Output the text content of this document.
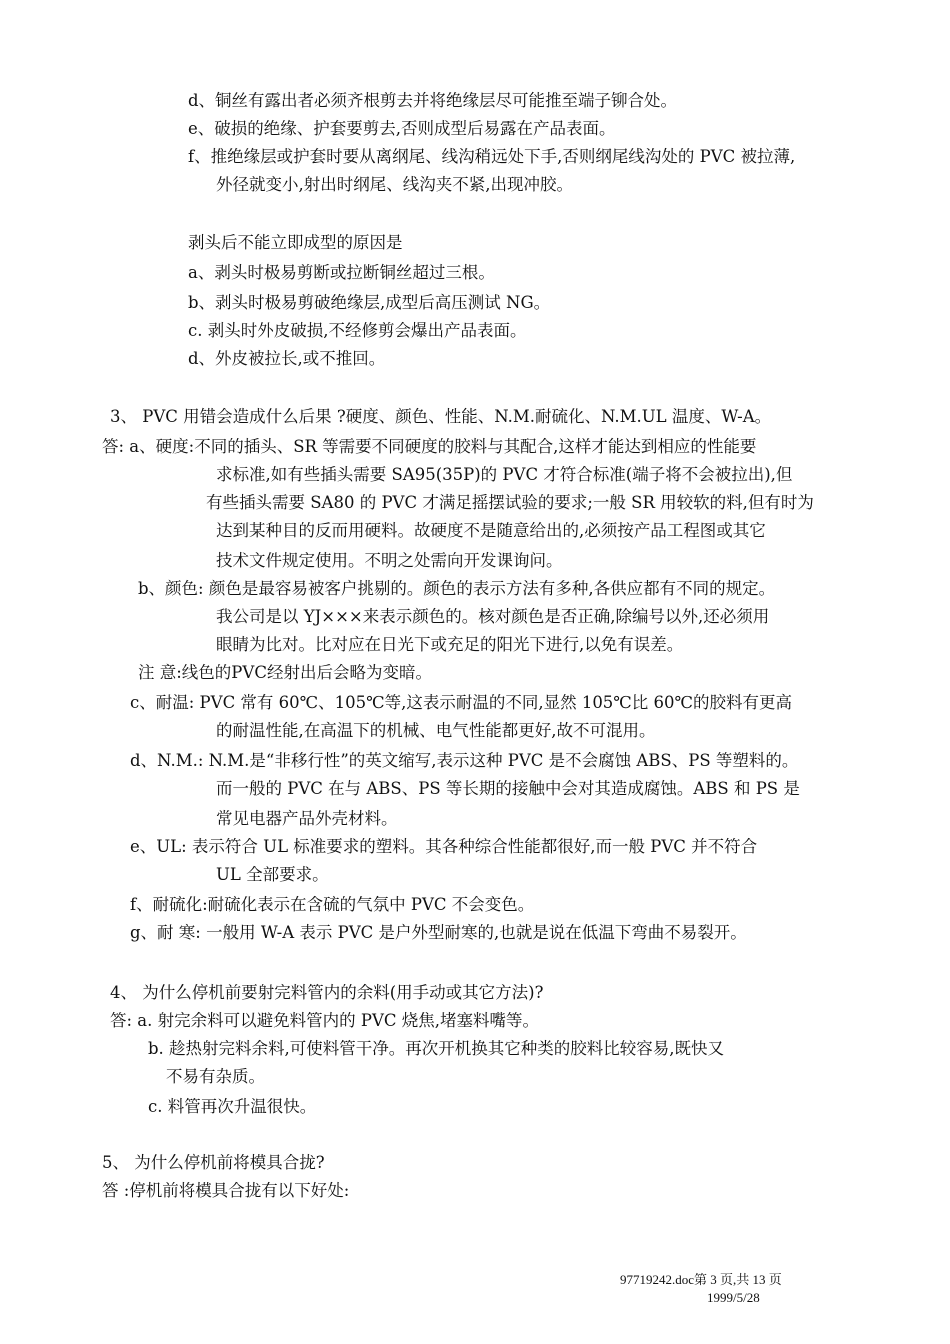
d、铜丝有露出者必须齐根剪去并将绝缘层尽可能推至端子铆合处。
e、破损的绝缘、护套要剪去,否则成型后易露在产品表面。
f、推绝缘层或护套时要从离纲尾、线沟稍远处下手,否则纲尾线沟处的 PVC 被拉薄,
外径就变小,射出时纲尾、线沟夹不紧,出现冲胶。
剥头后不能立即成型的原因是
a、剥头时极易剪断或拉断铜丝超过三根。
b、剥头时极易剪破绝缘层,成型后高压测试 NG。
c. 剥头时外皮破损,不经修剪会爆出产品表面。
d、外皮被拉长,或不推回。
3、 PVC 用错会造成什么后果 ?硬度、颜色、性能、N.M.耐硫化、N.M.UL 温度、W-A。
答: a、硬度:不同的插头、SR 等需要不同硬度的胶料与其配合,这样才能达到相应的性能要
求标准,如有些插头需要 SA95(35P)的 PVC 才符合标准(端子将不会被拉出),但
有些插头需要 SA80 的 PVC 才满足摇摆试验的要求;一般 SR 用较软的料,但有时为
达到某种目的反而用硬料。故硬度不是随意给出的,必须按产品工程图或其它
技术文件规定使用。不明之处需向开发课询问。
b、颜色: 颜色是最容易被客户挑剔的。颜色的表示方法有多种,各供应都有不同的规定。
我公司是以 YJ×××来表示颜色的。核对颜色是否正确,除编号以外,还必须用
眼睛为比对。比对应在日光下或充足的阳光下进行,以免有误差。
注 意:线色的PVC经射出后会略为变暗。
c、耐温: PVC 常有 60℃、105℃等,这表示耐温的不同,显然 105℃比 60℃的胶料有更高
的耐温性能,在高温下的机械、电气性能都更好,故不可混用。
d、N.M.: N.M.是“非移行性”的英文缩写,表示这种 PVC 是不会腐蚀 ABS、PS 等塑料的。
而一般的 PVC 在与 ABS、PS 等长期的接触中会对其造成腐蚀。ABS 和 PS 是
常见电器产品外壳材料。
e、UL: 表示符合 UL 标准要求的塑料。其各种综合性能都很好,而一般 PVC 并不符合
UL 全部要求。
f、耐硫化:耐硫化表示在含硫的气氛中 PVC 不会变色。
g、耐 寒: 一般用 W-A 表示 PVC 是户外型耐寒的,也就是说在低温下弯曲不易裂开。
4、 为什么停机前要射完料管内的余料(用手动或其它方法)?
答: a. 射完余料可以避免料管内的 PVC 烧焦,堵塞料嘴等。
b. 趁热射完料余料,可使料管干净。再次开机换其它种类的胶料比较容易,既快又
不易有杂质。
c. 料管再次升温很快。
5、 为什么停机前将模具合拢?
答 :停机前将模具合拢有以下好处:
97719242.doc第 3 页,共 13 页
1999/5/28
